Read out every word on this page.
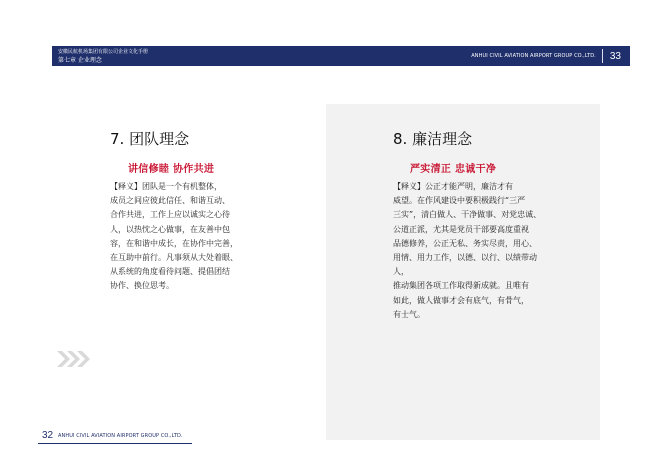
安徽民航机场集团有限公司企业文化手册
第七章 企业理念
ANHUI CIVIL AVIATION AIRPORT GROUP CO.,LTD.	33
7. 团队理念
讲信修睦 协作共进

【释义】团队是一个有机整体，
成员之间应彼此信任、和谐互动、
合作共进，工作上应以诚实之心待
人，以热忱之心做事，在友善中包
容，在和谐中成长，在协作中完善，
在互助中前行。凡事须从大处着眼、
从系统的角度看待问题、提倡团结
协作、换位思考。

8. 廉洁理念
严实清正 忠诚干净

【释义】公正才能严明，廉洁才有
威望。在作风建设中要积极践行“三严
三实”，清白做人、干净做事、对党忠诚、
公道正派，尤其是党员干部要高度重视
品德修养，公正无私、务实尽责，用心、
用情、用力工作，以德、以行、以绩带动人，
推动集团各项工作取得新成就。且唯有
如此，做人做事才会有底气，有骨气，
有士气。

32 ANHUI CIVIL AVIATION AIRPORT GROUP CO.,LTD.
